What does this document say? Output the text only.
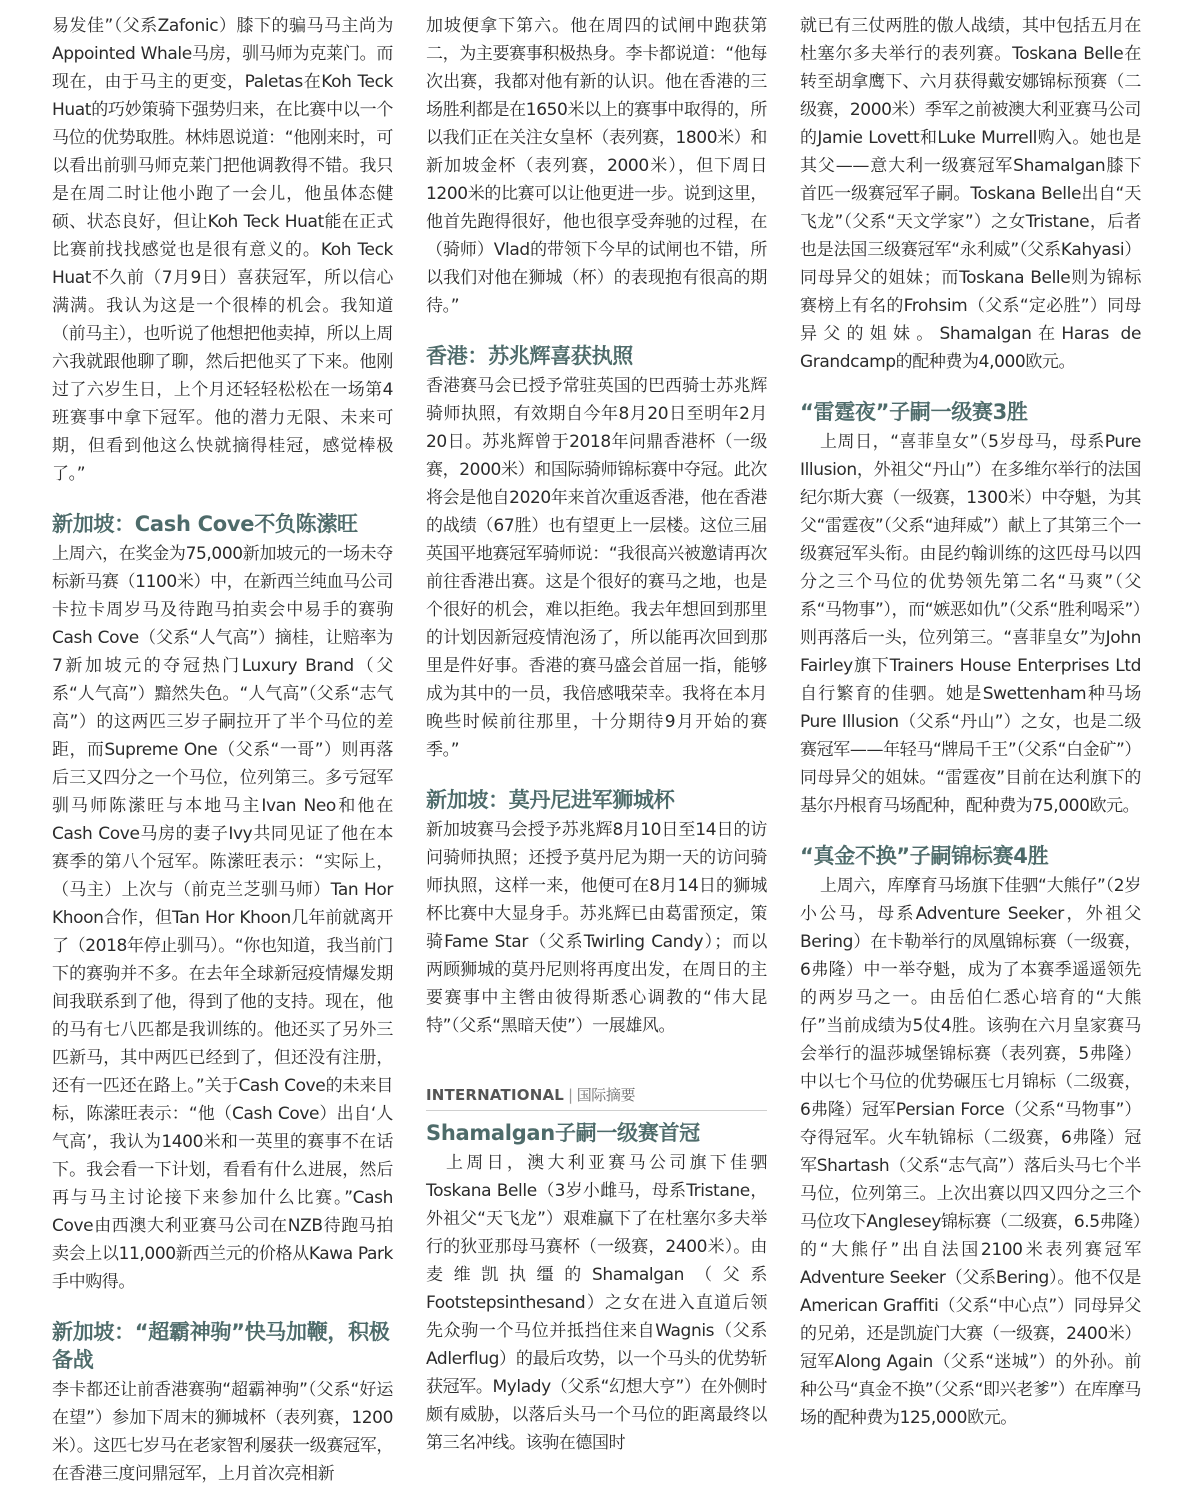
易发佳”（父系Zafonic）膝下的骗马马主尚为Appointed Whale马房，驯马师为克莱门。而现在，由于马主的更变，Paletas在Koh Teck Huat的巧妙策骑下强势归来，在比赛中以一个马位的优势取胜。林炜恩说道：“他刚来时，可以看出前驯马师克莱门把他调教得不错。我只是在周二时让他小跑了一会儿，他虽体态健硕、状态良好，但让Koh Teck Huat能在正式比赛前找找感觉也是很有意义的。Koh Teck Huat不久前（7月9日）喜获冠军，所以信心满满。我认为这是一个很棒的机会。我知道（前马主），也听说了他想把他卖掉，所以上周六我就跟他聊了聊，然后把他买了下来。他刚过了六岁生日，上个月还轻轻松松在一场第4班赛事中拿下冠军。他的潜力无限、未来可期，但看到他这么快就摘得桂冠，感觉棒极了。”

新加坡：Cash Cove不负陈潆旺

上周六，在奖金为75,000新加坡元的一场未夺标新马赛（1100米）中，在新西兰纯血马公司卡拉卡周岁马及待跑马拍卖会中易手的赛驹Cash Cove（父系“人气高”）摘桂，让赔率为7新加坡元的夺冠热门Luxury Brand（父系“人气高”）黯然失色。“人气高”（父系“志气高”）的这两匹三岁子嗣拉开了半个马位的差距，而Supreme One（父系“一哥”）则再落后三又四分之一个马位，位列第三。多亏冠军驯马师陈潆旺与本地马主Ivan Neo和他在Cash Cove马房的妻子Ivy共同见证了他在本赛季的第八个冠军。陈潆旺表示：“实际上，（马主）上次与（前克兰芝驯马师）Tan Hor Khoon合作，但Tan Hor Khoon几年前就离开了（2018年停止驯马）。“你也知道，我当前门下的赛驹并不多。在去年全球新冠疫情爆发期间我联系到了他，得到了他的支持。现在，他的马有七八匹都是我训练的。他还买了另外三匹新马，其中两匹已经到了，但还没有注册，还有一匹还在路上。”关于Cash Cove的未来目标，陈潆旺表示：“他（Cash Cove）出自‘人气高’，我认为1400米和一英里的赛事不在话下。我会看一下计划，看看有什么进展，然后再与马主讨论接下来参加什么比赛。”Cash Cove由西澳大利亚赛马公司在NZB待跑马拍卖会上以11,000新西兰元的价格从Kawa Park手中购得。

新加坡：“超霸神驹”快马加鞭，积极备战

李卡都还让前香港赛驹“超霸神驹”（父系“好运在望”）参加下周末的狮城杯（表列赛，1200米）。这匹七岁马在老家智利屡获一级赛冠军，在香港三度问鼎冠军，上月首次亮相新

加坡便拿下第六。他在周四的试闸中跑获第二，为主要赛事积极热身。李卡都说道：“他每次出赛，我都对他有新的认识。他在香港的三场胜利都是在1650米以上的赛事中取得的，所以我们正在关注女皇杯（表列赛，1800米）和新加坡金杯（表列赛，2000米），但下周日1200米的比赛可以让他更进一步。说到这里，他首先跑得很好，他也很享受奔驰的过程，在（骑师）Vlad的带领下今早的试闸也不错，所以我们对他在狮城（杯）的表现抱有很高的期待。”

香港：苏兆辉喜获执照

香港赛马会已授予常驻英国的巴西骑士苏兆辉骑师执照，有效期自今年8月20日至明年2月20日。苏兆辉曾于2018年问鼎香港杯（一级赛，2000米）和国际骑师锦标赛中夺冠。此次将会是他自2020年来首次重返香港，他在香港的战绩（67胜）也有望更上一层楼。这位三届英国平地赛冠军骑师说：“我很高兴被邀请再次前往香港出赛。这是个很好的赛马之地，也是个很好的机会，难以拒绝。我去年想回到那里的计划因新冠疫情泡汤了，所以能再次回到那里是件好事。香港的赛马盛会首屈一指，能够成为其中的一员，我倍感哦荣幸。我将在本月晚些时候前往那里，十分期待9月开始的赛季。”

新加坡：莫丹尼进军狮城杯

新加坡赛马会授予苏兆辉8月10日至14日的访问骑师执照；还授予莫丹尼为期一天的访问骑师执照，这样一来，他便可在8月14日的狮城杯比赛中大显身手。苏兆辉已由葛雷预定，策骑Fame Star（父系Twirling Candy）；而以两顾狮城的莫丹尼则将再度出发，在周日的主要赛事中主辔由彼得斯悉心调教的“伟大昆特”（父系“黑暗天使”）一展雄风。

INTERNATIONAL | 国际摘要
Shamalgan子嗣一级赛首冠

上周日，澳大利亚赛马公司旗下佳驷Toskana Belle（3岁小雌马，母系Tristane，外祖父“天飞龙”）艰难赢下了在杜塞尔多夫举行的狄亚那母马赛杯（一级赛，2400米）。由麦维凯执缰的Shamalgan（父系Footstepsinthesand）之女在进入直道后领先众驹一个马位并抵挡住来自Wagnis（父系Adlerflug）的最后攻势，以一个马头的优势斩获冠军。Mylady（父系“幻想大亨”）在外侧时颇有威胁，以落后头马一个马位的距离最终以第三名冲线。该驹在德国时

就已有三仗两胜的傲人战绩，其中包括五月在杜塞尔多夫举行的表列赛。Toskana Belle在转至胡拿鹰下、六月获得戴安娜锦标预赛（二级赛，2000米）季军之前被澳大利亚赛马公司的Jamie Lovett和Luke Murrell购入。她也是其父——意大利一级赛冠军Shamalgan膝下首匹一级赛冠军子嗣。Toskana Belle出自“天飞龙”（父系“天文学家”）之女Tristane，后者也是法国三级赛冠军“永利威”（父系Kahyasi）同母异父的姐妹；而Toskana Belle则为锦标赛榜上有名的Frohsim（父系“定必胜”）同母异父的姐妹。Shamalgan在Haras de Grandcamp的配种费为4,000欧元。

“雷霆夜”子嗣一级赛3胜

上周日，“喜菲皇女”（5岁母马，母系Pure Illusion，外祖父“丹山”）在多维尔举行的法国纪尔斯大赛（一级赛，1300米）中夺魁，为其父“雷霆夜”（父系“迪拜威”）献上了其第三个一级赛冠军头衔。由昆约翰训练的这匹母马以四分之三个马位的优势领先第二名“马爽”（父系“马物事”），而“嫉恶如仇”（父系“胜利喝采”）则再落后一头，位列第三。“喜菲皇女”为John Fairley旗下Trainers House Enterprises Ltd自行繁育的佳驷。她是Swettenham种马场Pure Illusion（父系“丹山”）之女，也是二级赛冠军——年轻马“牌局千王”（父系“白金矿”）同母异父的姐妹。“雷霆夜”目前在达利旗下的基尔丹根育马场配种，配种费为75,000欧元。

“真金不换”子嗣锦标赛4胜

上周六，库摩育马场旗下佳驷“大熊仔”（2岁小公马，母系Adventure Seeker，外祖父Bering）在卡勒举行的凤凰锦标赛（一级赛，6弗隆）中一举夺魁，成为了本赛季遥遥领先的两岁马之一。由岳伯仁悉心培育的“大熊仔”当前成绩为5仗4胜。该驹在六月皇家赛马会举行的温莎城堡锦标赛（表列赛，5弗隆）中以七个马位的优势碾压七月锦标（二级赛，6弗隆）冠军Persian Force（父系“马物事”）夺得冠军。火车轨锦标（二级赛，6弗隆）冠军Shartash（父系“志气高”）落后头马七个半马位，位列第三。上次出赛以四又四分之三个马位攻下Anglesey锦标赛（二级赛，6.5弗隆）的“大熊仔”出自法国2100米表列赛冠军Adventure Seeker（父系Bering）。他不仅是American Graffiti（父系“中心点”）同母异父的兄弟，还是凯旋门大赛（一级赛，2400米）冠军Along Again（父系“迷城”）的外孙。前种公马“真金不换”（父系“即兴老爹”）在库摩马场的配种费为125,000欧元。
